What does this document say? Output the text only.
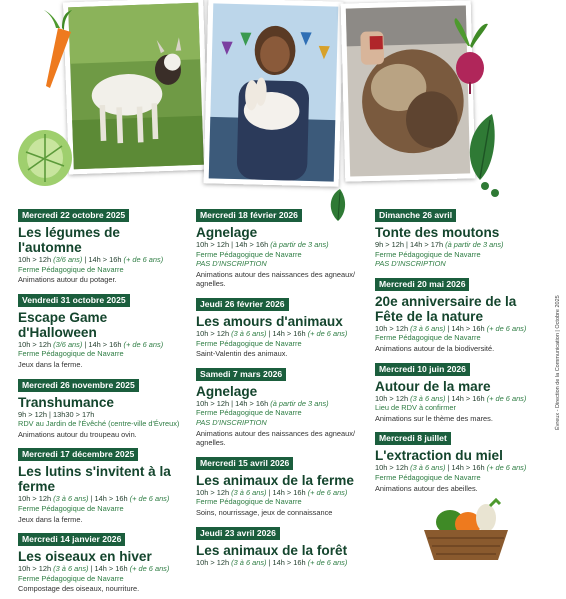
Mercredi 22 octobre 2025
Les légumes de l'automne
10h > 12h (3/6 ans) | 14h > 16h (+ de 6 ans)
Ferme Pédagogique de Navarre
Animations autour du potager.
Vendredi 31 octobre 2025
Escape Game d'Halloween
10h > 12h (3/6 ans) | 14h > 16h (+ de 6 ans)
Ferme Pédagogique de Navarre
Jeux dans la ferme.
Mercredi 26 novembre 2025
Transhumance
9h > 12h | 13h30 > 17h
RDV au Jardin de l'Évêché (centre-ville d'Évreux)
Animations autour du troupeau ovin.
Mercredi 17 décembre 2025
Les lutins s'invitent à la ferme
10h > 12h (3 à 6 ans) | 14h > 16h (+ de 6 ans)
Ferme Pédagogique de Navarre
Jeux dans la ferme.
Mercredi 14 janvier 2026
Les oiseaux en hiver
10h > 12h (3 à 6 ans) | 14h > 16h (+ de 6 ans)
Ferme Pédagogique de Navarre
Compostage des oiseaux, nourriture.
Mercredi 18 février 2026
Agnelage
10h > 12h | 14h > 16h (à partir de 3 ans)
Ferme Pédagogique de Navarre
PAS D'INSCRIPTION
Animations autour des naissances des agneaux/ agnelles.
Jeudi 26 février 2026
Les amours d'animaux
10h > 12h (3 à 6 ans) | 14h > 16h (+ de 6 ans)
Ferme Pédagogique de Navarre
Saint-Valentin des animaux.
Samedi 7 mars 2026
Agnelage
10h > 12h | 14h > 16h (à partir de 3 ans)
Ferme Pédagogique de Navarre
PAS D'INSCRIPTION
Animations autour des naissances des agneaux/ agnelles.
Mercredi 15 avril 2026
Les animaux de la ferme
10h > 12h (3 à 6 ans) | 14h > 16h (+ de 6 ans)
Ferme Pédagogique de Navarre
Soins, nourrissage, jeux de connaissance
Jeudi 23 avril 2026
Les animaux de la forêt
10h > 12h (3 à 6 ans) | 14h > 16h (+ de 6 ans)
Dimanche 26 avril
Tonte des moutons
9h > 12h | 14h > 17h (à partir de 3 ans)
Ferme Pédagogique de Navarre
PAS D'INSCRIPTION
Mercredi 20 mai 2026
20e anniversaire de la Fête de la nature
10h > 12h (3 à 6 ans) | 14h > 16h (+ de 6 ans)
Ferme Pédagogique de Navarre
Animations autour de la biodiversité.
Mercredi 10 juin 2026
Autour de la mare
10h > 12h (3 à 6 ans) | 14h > 16h (+ de 6 ans)
Lieu de RDV à confirmer
Animations sur le thème des mares.
Mercredi 8 juillet
L'extraction du miel
10h > 12h (3 à 6 ans) | 14h > 16h (+ de 6 ans)
Ferme Pédagogique de Navarre
Animations autour des abeilles.
Évreux - Direction de la Communication | Octobre 2025
